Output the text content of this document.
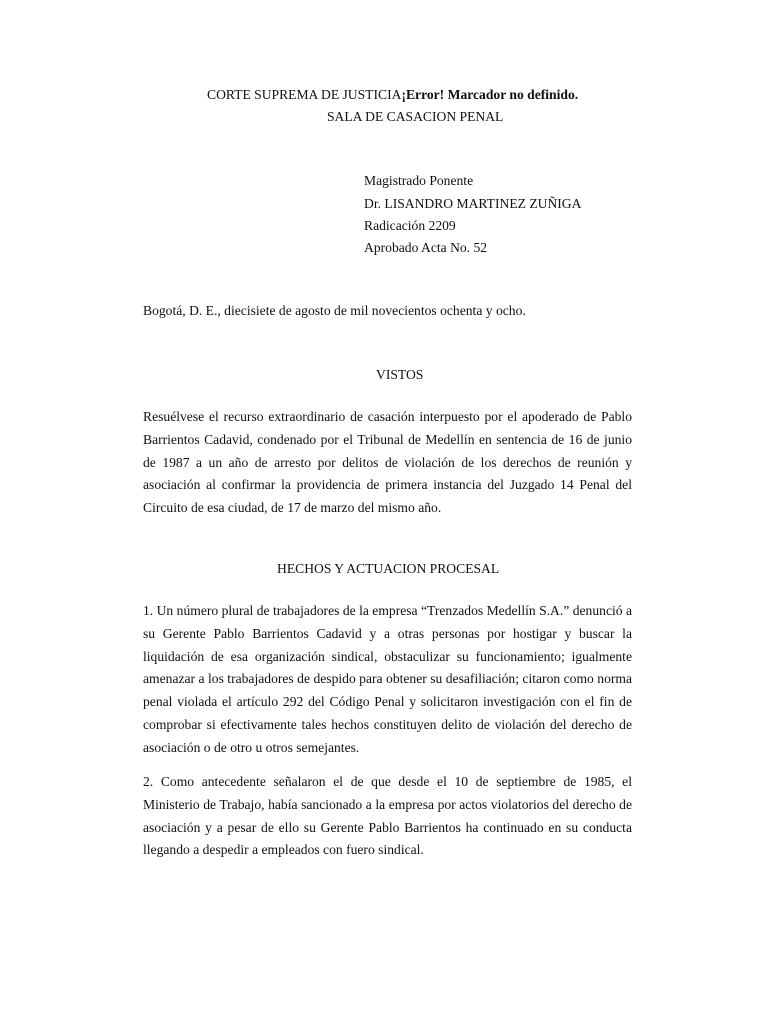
CORTE SUPREMA DE JUSTICIA¡Error! Marcador no definido.
SALA DE CASACION PENAL
Magistrado Ponente
Dr. LISANDRO MARTINEZ ZUÑIGA
Radicación 2209
Aprobado Acta No. 52
Bogotá, D. E., diecisiete de agosto de mil novecientos ochenta y ocho.
VISTOS

Resuélvese el recurso extraordinario de casación interpuesto por el apoderado de Pablo Barrientos Cadavid, condenado por el Tribunal de Medellín en sentencia de 16 de junio de 1987 a un año de arresto por delitos de violación de los derechos de reunión y asociación al confirmar la providencia de primera instancia del Juzgado 14 Penal del Circuito de esa ciudad, de 17 de marzo del mismo año.

HECHOS Y ACTUACION PROCESAL

1. Un número plural de trabajadores de la empresa “Trenzados Medellín S.A.” denunció a su Gerente Pablo Barrientos Cadavid y a otras personas por hostigar y buscar la liquidación de esa organización sindical, obstaculizar su funcionamiento; igualmente amenazar a los trabajadores de despido para obtener su desafiliación; citaron como norma penal violada el artículo 292 del Código Penal y solicitaron investigación con el fin de comprobar si efectivamente tales hechos constituyen delito de violación del derecho de asociación o de otro u otros semejantes.

2. Como antecedente señalaron el de que desde el 10 de septiembre de 1985, el Ministerio de Trabajo, había sancionado a la empresa por actos violatorios del derecho de asociación y a pesar de ello su Gerente Pablo Barrientos ha continuado en su conducta llegando a despedir a empleados con fuero sindical.
